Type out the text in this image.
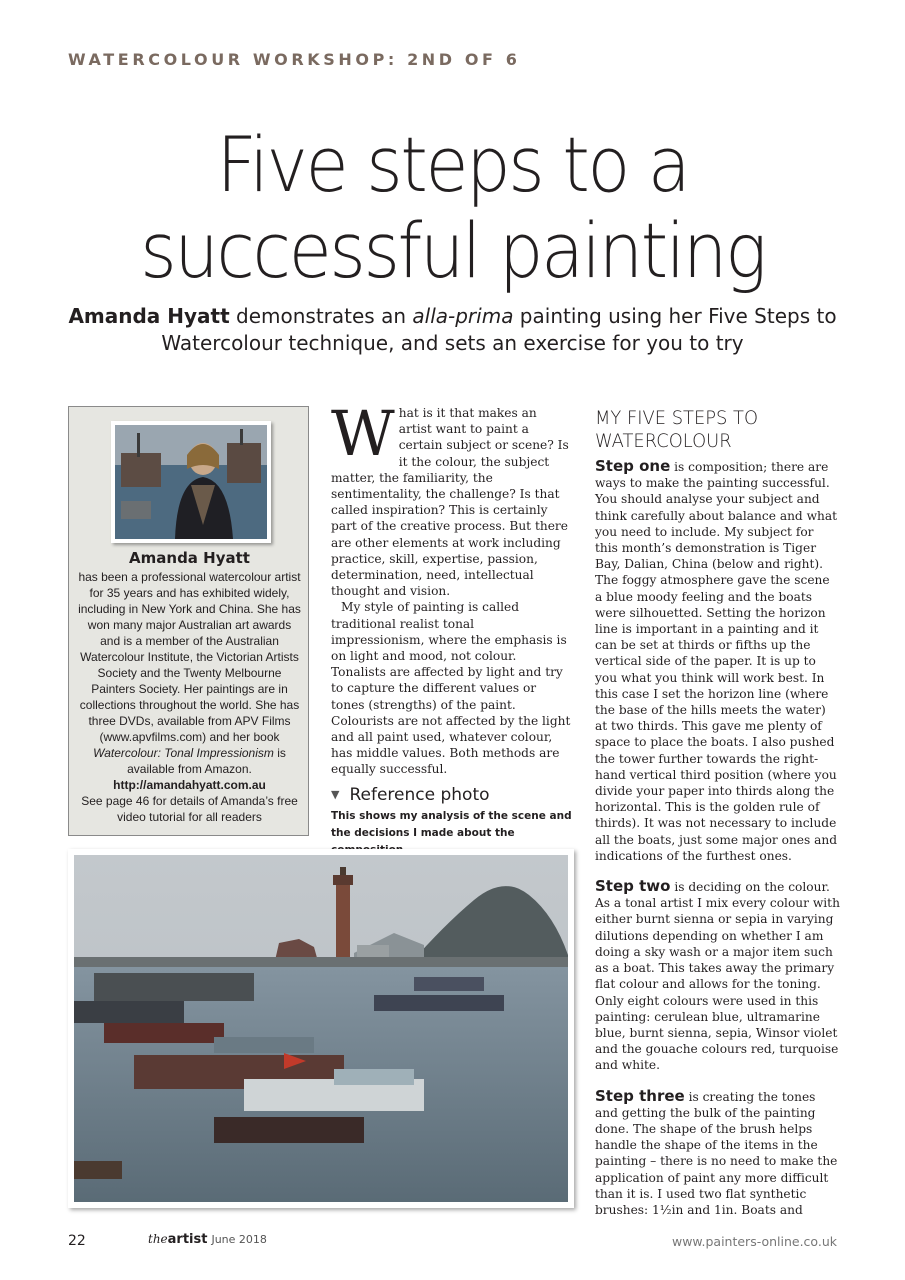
WATERCOLOUR WORKSHOP: 2ND OF 6
Five steps to a
successful painting
Amanda Hyatt demonstrates an alla-prima painting using her Five Steps to Watercolour technique, and sets an exercise for you to try
Amanda Hyatt

has been a professional watercolour artist for 35 years and has exhibited widely, including in New York and China. She has won many major Australian art awards and is a member of the Australian Watercolour Institute, the Victorian Artists Society and the Twenty Melbourne Painters Society. Her paintings are in collections throughout the world. She has three DVDs, available from APV Films (www.apvfilms.com) and her book Watercolour: Tonal Impressionism is available from Amazon.

http://amandahyatt.com.au

See page 46 for details of Amanda’s free video tutorial for all readers

What is it that makes an artist want to paint a certain subject or scene? Is it the colour, the subject matter, the familiarity, the sentimentality, the challenge? Is that called inspiration? This is certainly part of the creative process. But there are other elements at work including practice, skill, expertise, passion, determination, need, intellectual thought and vision.

My style of painting is called traditional realist tonal impressionism, where the emphasis is on light and mood, not colour. Tonalists are affected by light and try to capture the different values or tones (strengths) of the paint. Colourists are not affected by the light and all paint used, whatever colour, has middle values. Both methods are equally successful.

▼ Reference photo
This shows my analysis of the scene and the decisions I made about the
MY FIVE STEPS TO WATERCOLOUR

Step one is composition; there are ways to make the painting successful. You should analyse your subject and think carefully about balance and what you need to include. My subject for this month’s demonstration is Tiger Bay, Dalian, China (below and right). The foggy atmosphere gave the scene a blue moody feeling and the boats were silhouetted. Setting the horizon line is important in a painting and it can be set at thirds or fifths up the vertical side of the paper. It is up to you what you think will work best. In this case I set the horizon line (where the base of the hills meets the water) at two thirds. This gave me plenty of space to place the boats. I also pushed the tower further towards the right-hand vertical third position (where you divide your paper into thirds along the horizontal. This is the golden rule of thirds). It was not necessary to include all the boats, just some major ones and indications of the furthest ones.

Step two is deciding on the colour. As a tonal artist I mix every colour with either burnt sienna or sepia in varying dilutions depending on whether I am doing a sky wash or a major item such as a boat. This takes away the primary flat colour and allows for the toning. Only eight colours were used in this painting: cerulean blue, ultramarine blue, burnt sienna, sepia, Winsor violet and the gouache colours red, turquoise and white.

Step three is creating the tones and getting the bulk of the painting done. The shape of the brush helps handle the shape of the items in the painting – there is no need to make the application of paint any more difficult than it is. I used two flat synthetic brushes: 1½in and 1in. Boats and

22	theartist June 2018	www.painters-online.co.uk
